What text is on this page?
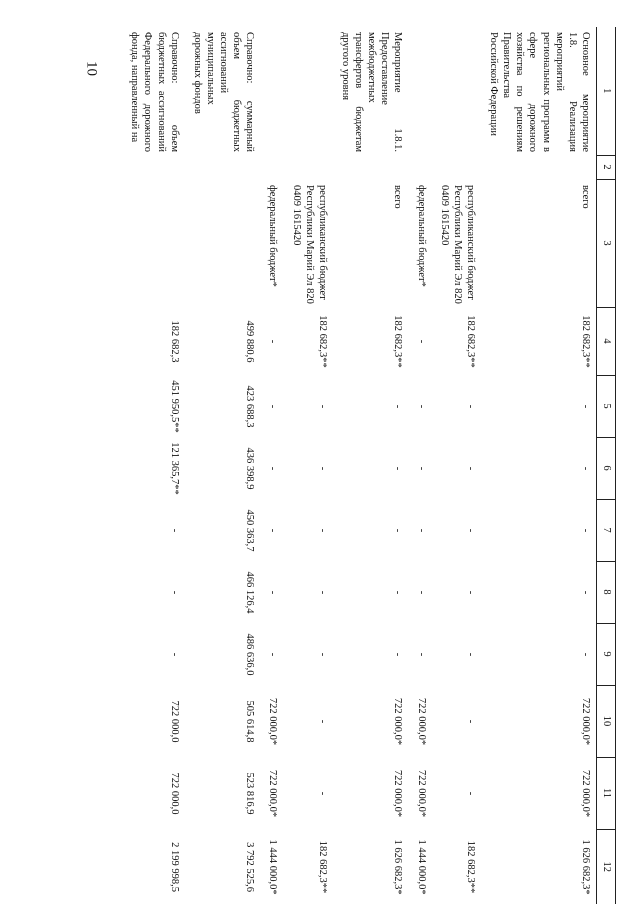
10
1	2	3	4	5	6	7	8	9	10	11	12
Основное мероприятие 1.8. Реализация мероприятий региональных программ в сфере дорожного хозяйства по решениям Правительства Российской Федерации		всего	182 682,3**	-	-	-	-	-	722 000,0*	722 000,0*	1 626 682,3*
		республиканский бюджет Республики Марий Эл 820 0409 1615420	182 682,3**	-	-	-	-	-	-	-	182 682,3**
		федеральный бюджет*	-	-	-	-	-	-	722 000,0*	722 000,0*	1 444 000,0*
Мероприятие 1.8.1. Предоставление межбюджетных трансфертов бюджетам другого уровня		всего	182 682,3**	-	-	-	-	-	722 000,0*	722 000,0*	1 626 682,3*
		республиканский бюджет Республики Марий Эл 820 0409 1615420	182 682,3**	-	-	-	-	-	-	-	182 682,3**
		федеральный бюджет*	-	-	-	-	-	-	722 000,0*	722 000,0*	1 444 000,0*
Справочно: суммарный объем бюджетных ассигнований муниципальных дорожных фондов			499 880,6	423 688,3	436 398,9	450 363,7	466 126,4	486 636,0	505 614,8	523 816,9	3 792 525,6
Справочно: объем бюджетных ассигнований Федерального дорожного фонда, направленный на			182 682,3	451 950,5**	121 365,7**	-	-	-	722 000,0	722 000,0	2 199 998,5
